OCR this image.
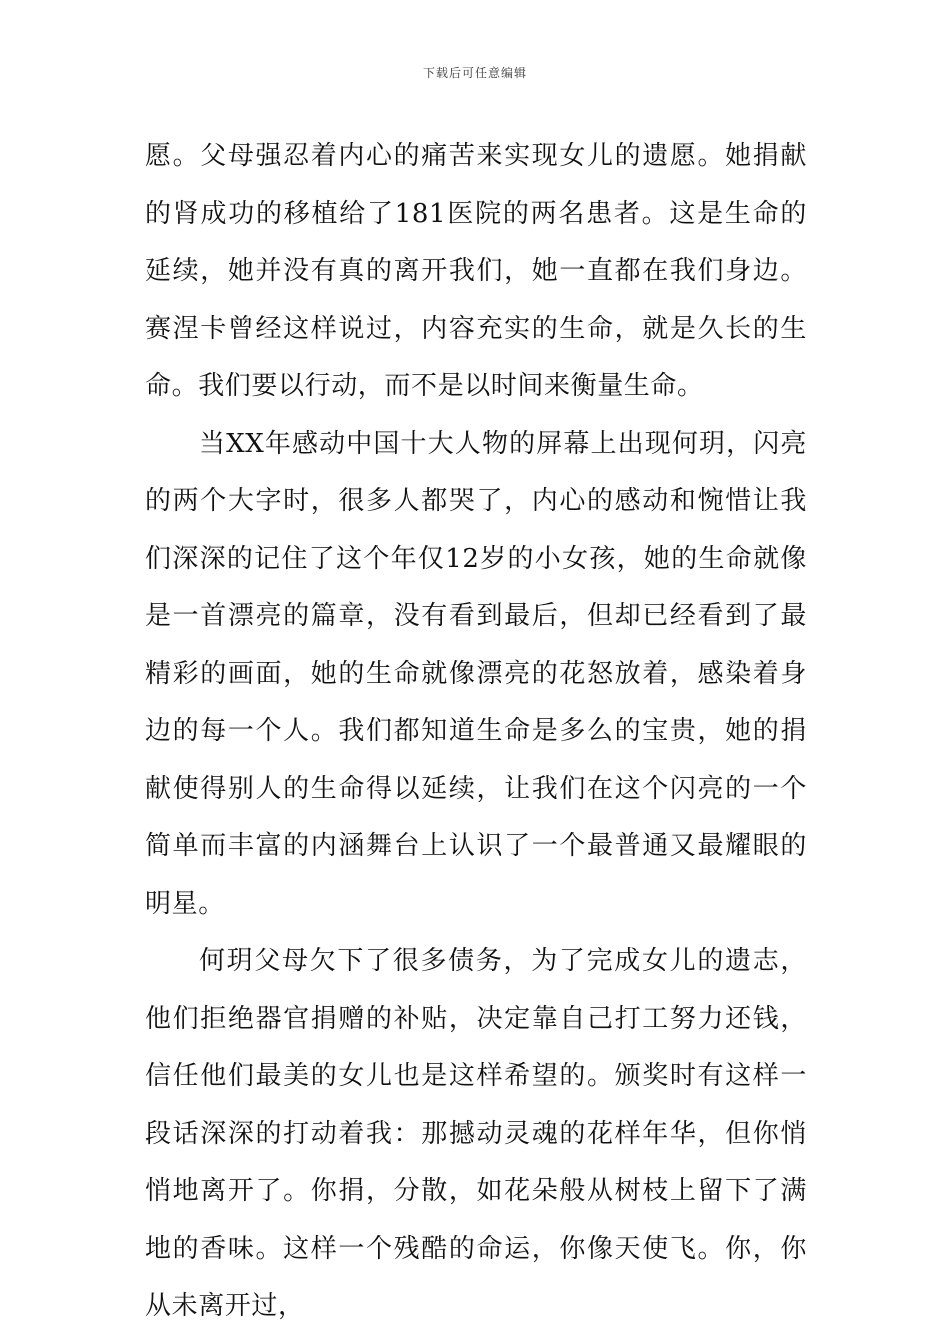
下载后可任意编辑

愿。父母强忍着内心的痛苦来实现女儿的遗愿。她捐献的肾成功的移植给了181医院的两名患者。这是生命的延续，她并没有真的离开我们，她一直都在我们身边。赛涅卡曾经这样说过，内容充实的生命，就是久长的生命。我们要以行动，而不是以时间来衡量生命。

当XX年感动中国十大人物的屏幕上出现何玥，闪亮的两个大字时，很多人都哭了，内心的感动和惋惜让我们深深的记住了这个年仅12岁的小女孩，她的生命就像是一首漂亮的篇章，没有看到最后，但却已经看到了最精彩的画面，她的生命就像漂亮的花怒放着，感染着身边的每一个人。我们都知道生命是多么的宝贵，她的捐献使得别人的生命得以延续，让我们在这个闪亮的一个简单而丰富的内涵舞台上认识了一个最普通又最耀眼的明星。

何玥父母欠下了很多债务，为了完成女儿的遗志，他们拒绝器官捐赠的补贴，决定靠自己打工努力还钱，信任他们最美的女儿也是这样希望的。颁奖时有这样一段话深深的打动着我：那撼动灵魂的花样年华，但你悄悄地离开了。你捐，分散，如花朵般从树枝上留下了满地的香味。这样一个残酷的命运，你像天使飞。你，你从未离开过，
